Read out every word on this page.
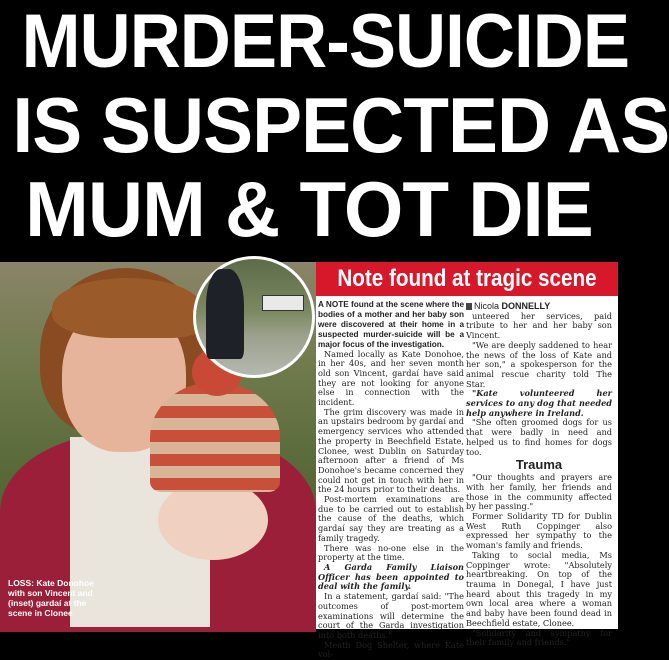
MURDER-SUICIDE
IS SUSPECTED AS
MUM & TOT DIE
LOSS: Kate Donohoe with son Vincent and (inset) gardaí at the scene in Clonee
Note found at tragic scene

A NOTE found at the scene where the bodies of a mother and her baby son were discovered at their home in a suspected murder-suicide will be a major focus of the investigation.

Named locally as Kate Donohoe, in her 40s, and her seven month old son Vincent, gardaí have said they are not looking for anyone else in connection with the incident.

The grim discovery was made in an upstairs bedroom by gardaí and emergency services who attended the property in Beechfield Estate, Clonee, west Dublin on Saturday afternoon after a friend of Ms Donohoe's became concerned they could not get in touch with her in the 24 hours prior to their deaths.

Post-mortem examinations are due to be carried out to establish the cause of the deaths, which gardaí say they are treating as a family tragedy.

There was no-one else in the property at the time.

A Garda Family Liaison Officer has been appointed to deal with the family.

In a statement, gardaí said: "The outcomes of post-mortem examinations will determine the court of the Garda investigation into both deaths."

Meath Dog Shelter, where Kate vol-

Nicola DONNELLY

unteered her services, paid tribute to her and her baby son Vincent.

"We are deeply saddened to hear the news of the loss of Kate and her son," a spokesperson for the animal rescue charity told The Star.

"Kate volunteered her services to any dog that needed help anywhere in Ireland.

"She often groomed dogs for us that were badly in need and helped us to find homes for dogs too.

Trauma

"Our thoughts and prayers are with her family, her friends and those in the community affected by her passing."

Former Solidarity TD for Dublin West Ruth Coppinger also expressed her sympathy to the woman's family and friends.

Taking to social media, Ms Coppinger wrote: "Absolutely heartbreaking. On top of the trauma in Donegal, I have just heard about this tragedy in my own local area where a woman and baby have been found dead in Beechfield estate, Clonee.

"Solidarity and sympathy for their family and friends."
